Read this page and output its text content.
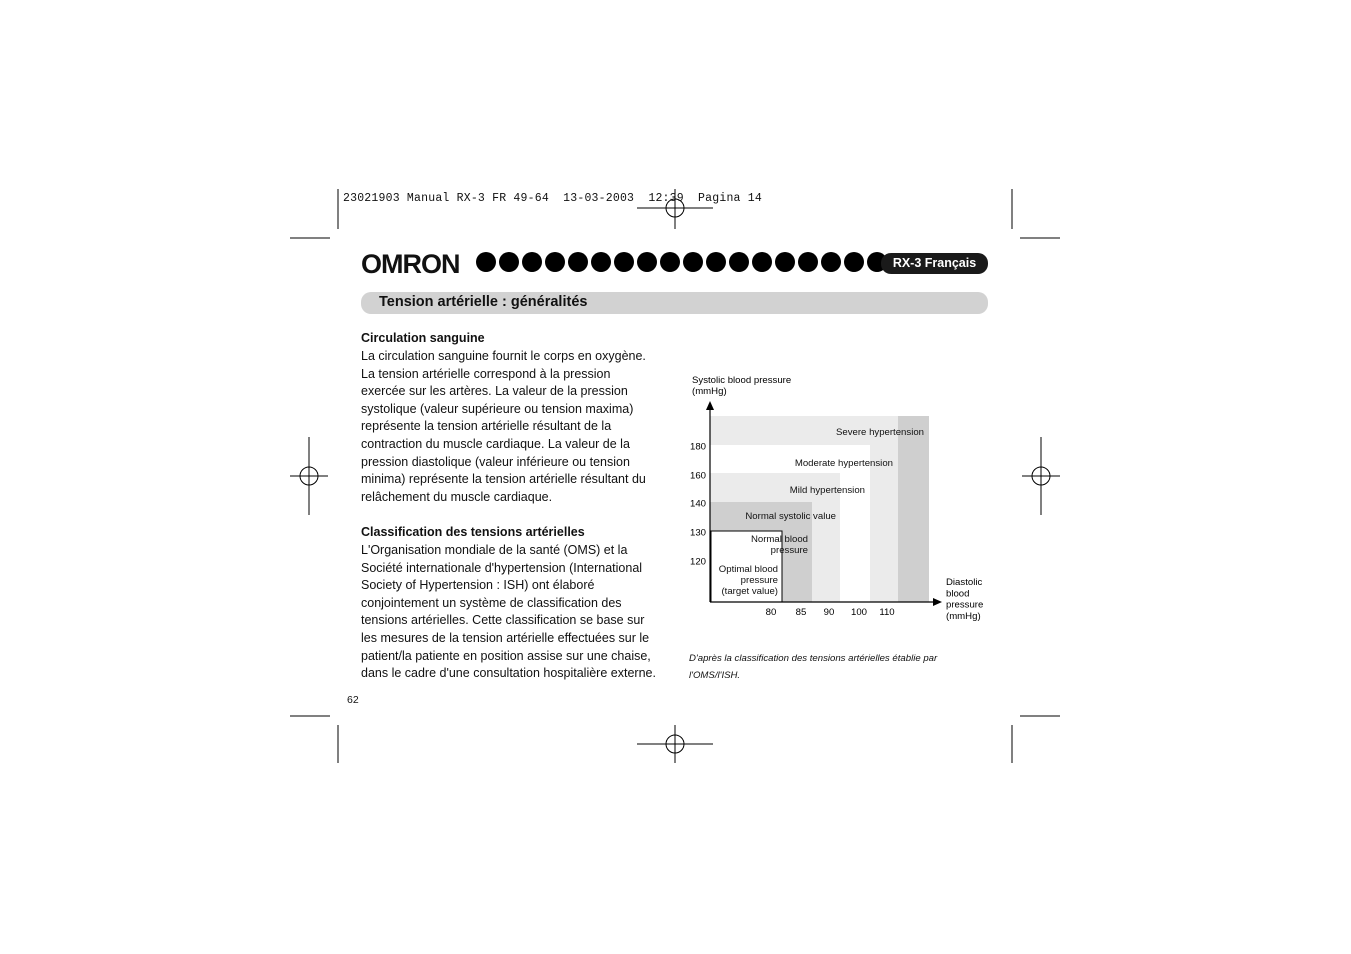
23021903 Manual RX-3 FR 49-64  13-03-2003  12:39  Pagina 14
OMRON	RX-3 Français
Tension artérielle : généralités
Circulation sanguine
La circulation sanguine fournit le corps en oxygène.
La tension artérielle correspond à la pression
exercée sur les artères. La valeur de la pression
systolique (valeur supérieure ou tension maxima)
représente la tension artérielle résultant de la
contraction du muscle cardiaque. La valeur de la
pression diastolique (valeur inférieure ou tension
minima) représente la tension artérielle résultant du
relâchement du muscle cardiaque.
Classification des tensions artérielles
L'Organisation mondiale de la santé (OMS) et la
Société internationale d'hypertension (International
Society of Hypertension : ISH) ont élaboré
conjointement un système de classification des
tensions artérielles. Cette classification se base sur
les mesures de la tension artérielle effectuées sur le
patient/la patiente en position assise sur une chaise,
dans le cadre d'une consultation hospitalière externe.
Severe hypertension
Moderate hypertension
Mild hypertension
Normal systolic value
Normal blood
pressure
Optimal blood
pressure
(target value)
80 85 90 100 110
120
130
140
160
180
Systolic blood pressure
(mmHg)
Diastolic
blood
pressure
(mmHg)
D'après la classification des tensions artérielles établie par
l'OMS/l'ISH.
62
